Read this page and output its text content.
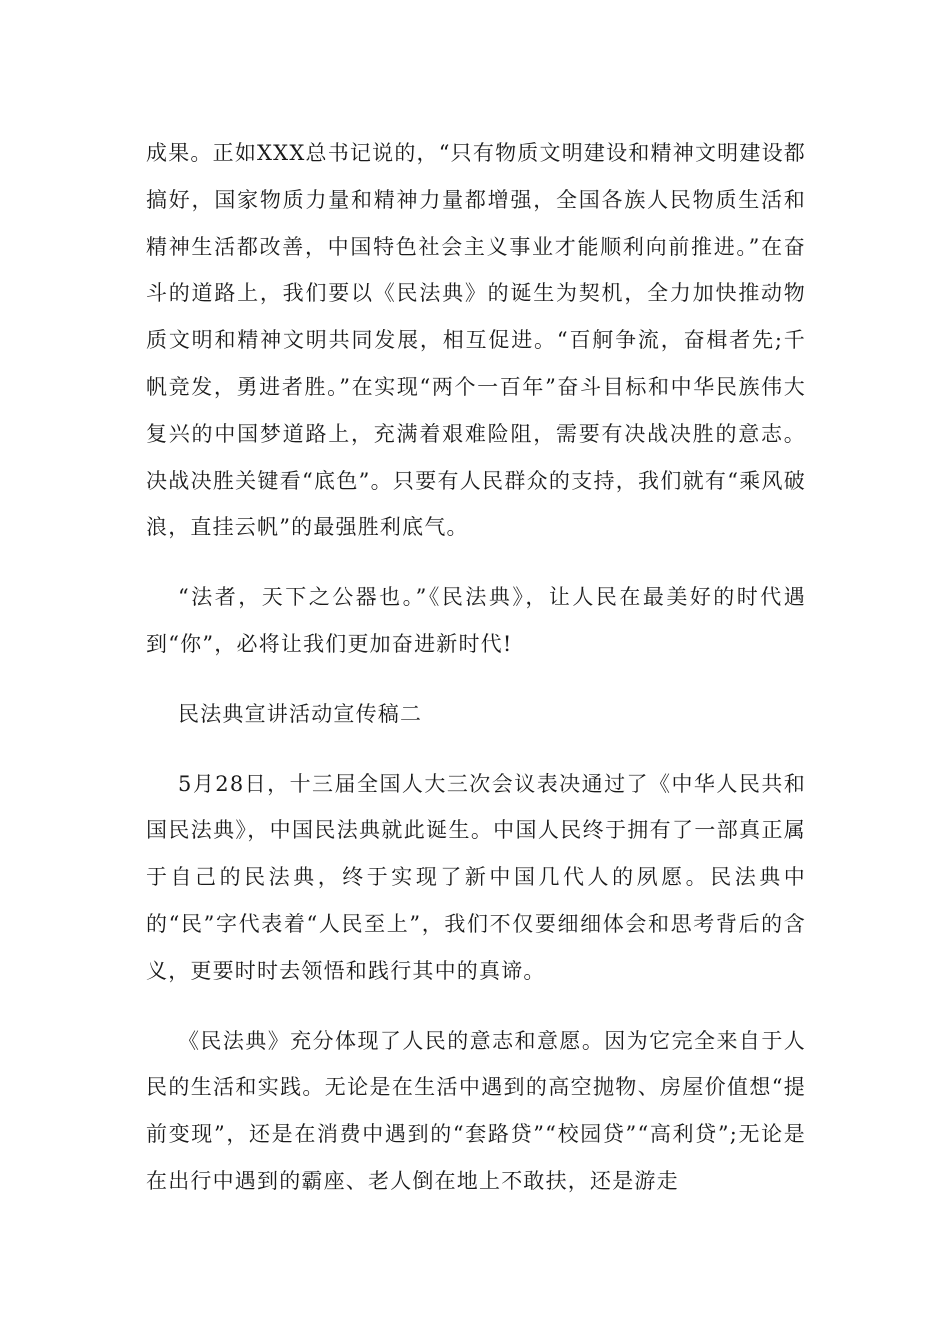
成果。正如XXX总书记说的，“只有物质文明建设和精神文明建设都搞好，国家物质力量和精神力量都增强，全国各族人民物质生活和精神生活都改善，中国特色社会主义事业才能顺利向前推进。”在奋斗的道路上，我们要以《民法典》的诞生为契机，全力加快推动物质文明和精神文明共同发展，相互促进。“百舸争流，奋楫者先;千帆竞发，勇进者胜。”在实现“两个一百年”奋斗目标和中华民族伟大复兴的中国梦道路上，充满着艰难险阻，需要有决战决胜的意志。决战决胜关键看“底色”。只要有人民群众的支持，我们就有“乘风破浪，直挂云帆”的最强胜利底气。

“法者，天下之公器也。”《民法典》，让人民在最美好的时代遇到“你”，必将让我们更加奋进新时代!

民法典宣讲活动宣传稿二

5月28日，十三届全国人大三次会议表决通过了《中华人民共和国民法典》，中国民法典就此诞生。中国人民终于拥有了一部真正属于自己的民法典，终于实现了新中国几代人的夙愿。民法典中的“民”字代表着“人民至上”，我们不仅要细细体会和思考背后的含义，更要时时去领悟和践行其中的真谛。

《民法典》充分体现了人民的意志和意愿。因为它完全来自于人民的生活和实践。无论是在生活中遇到的高空抛物、房屋价值想“提前变现”，还是在消费中遇到的“套路贷”“校园贷”“高利贷”;无论是在出行中遇到的霸座、老人倒在地上不敢扶，还是游走
